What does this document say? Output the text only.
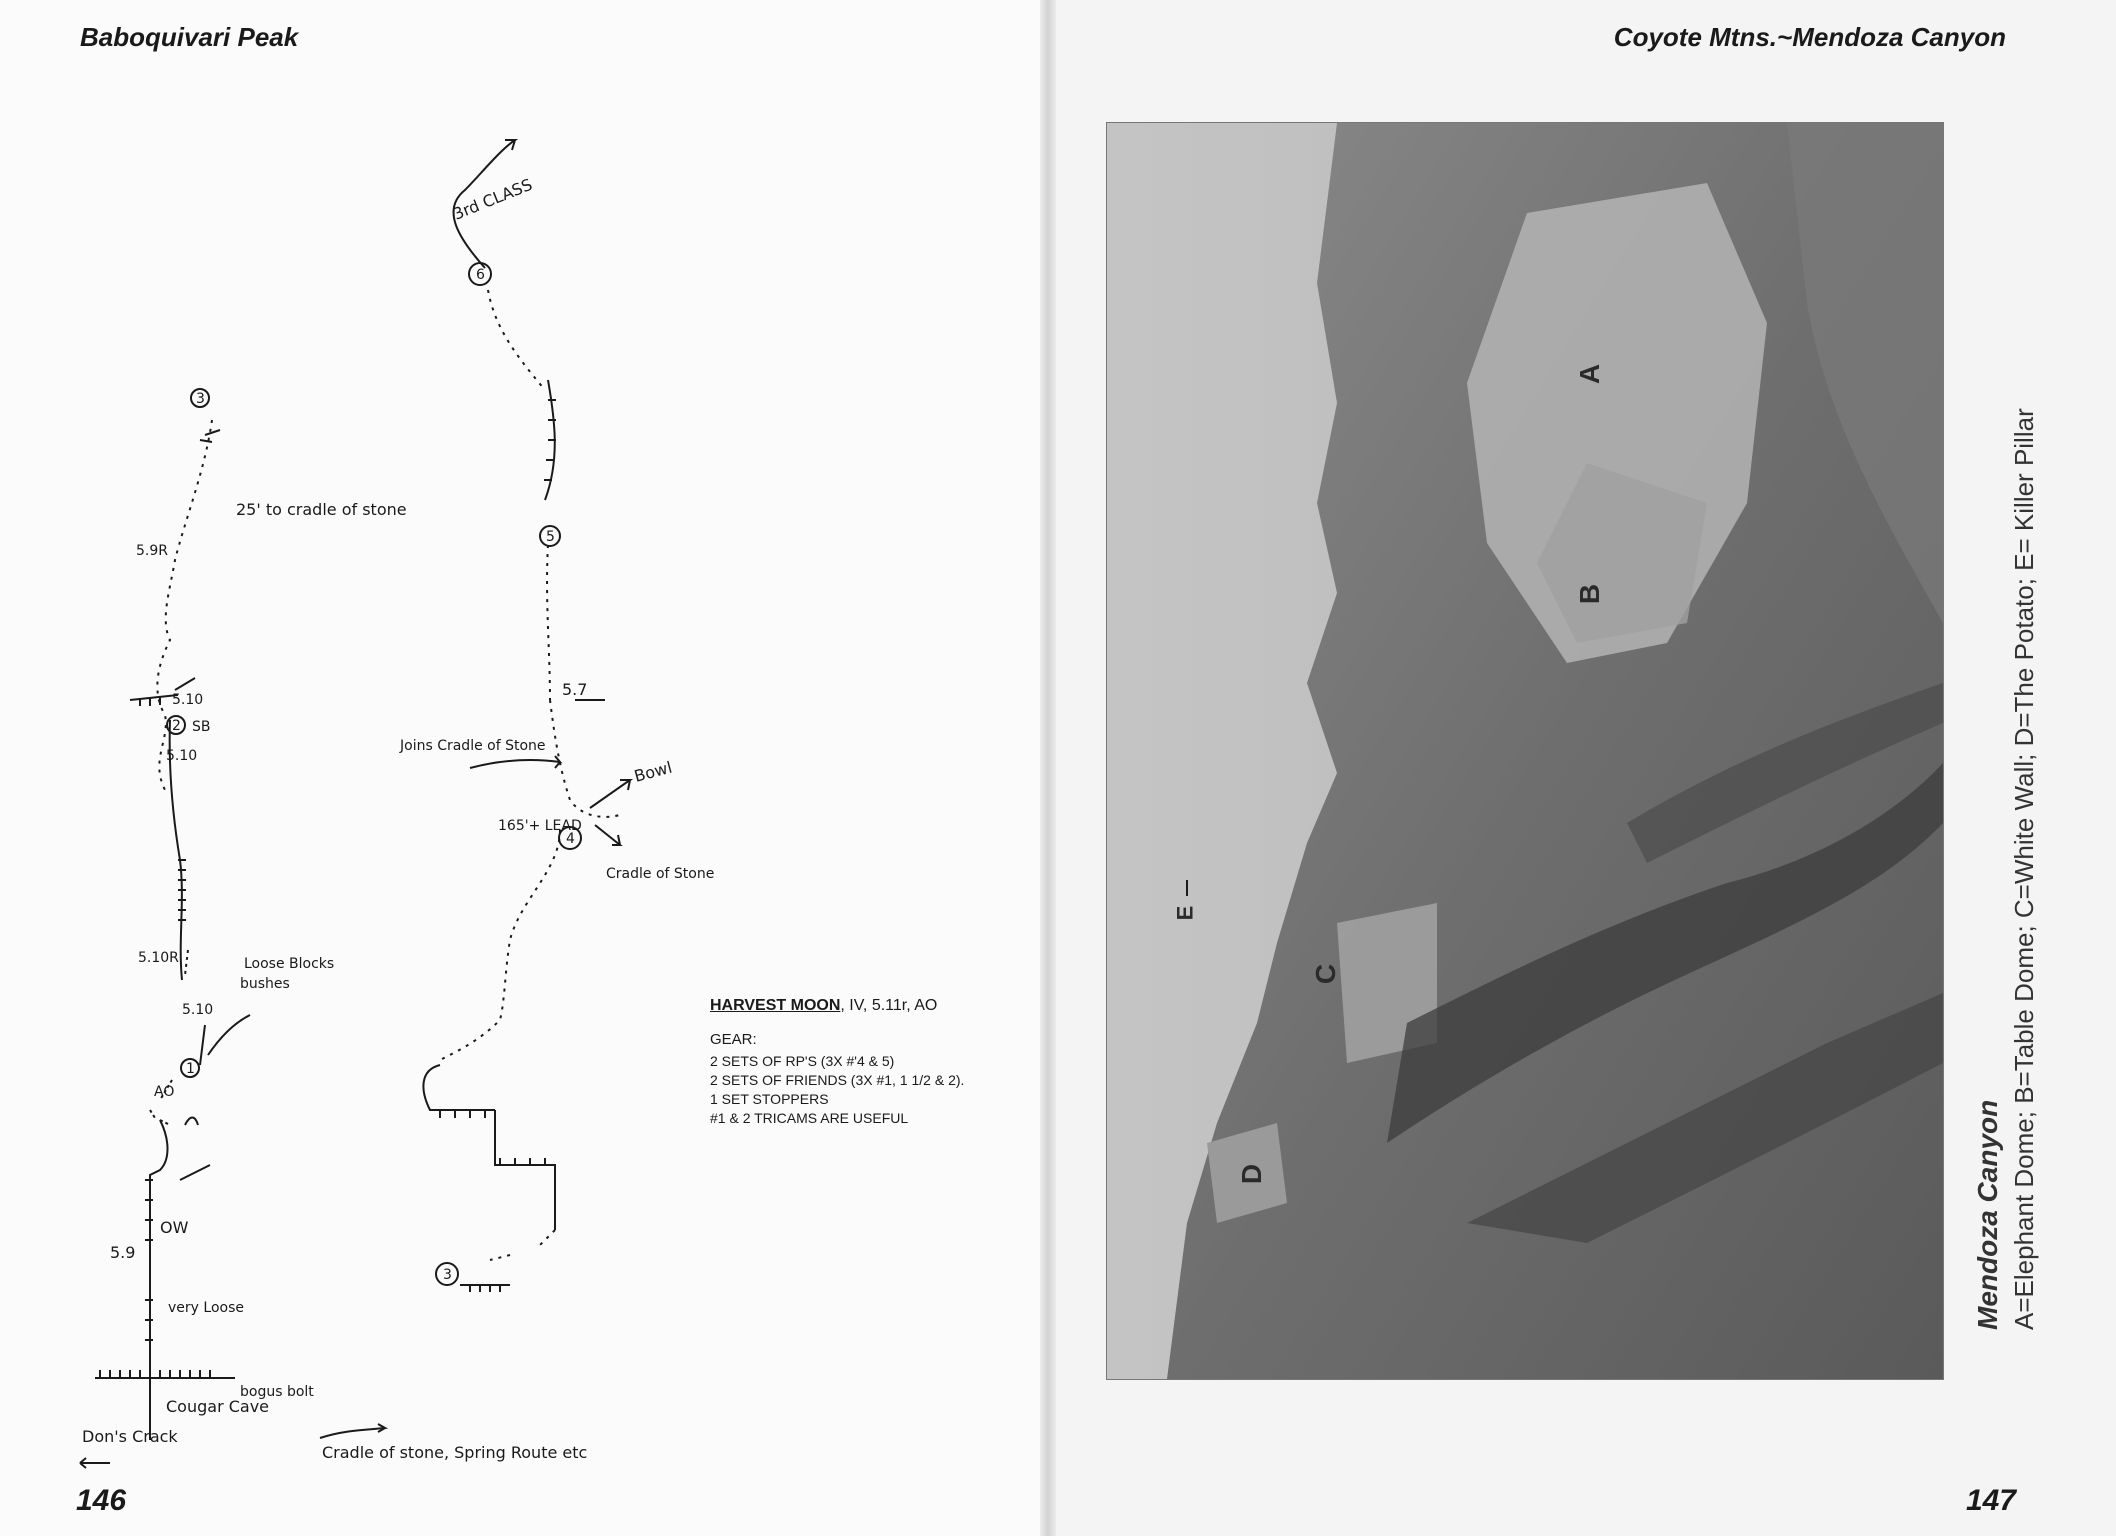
Baboquivari Peak
3
25' to cradle of stone
5.9R
5.10
2 SB
5.10
5.10R	Loose Blocks
bushes
5.10
1
AO
OW
5.9
very Loose
bogus bolt
Cougar Cave
Don's Crack
3rd CLASS
6
5
5.7
Joins Cradle of Stone
Bowl
165'+ LEAD
4
Cradle of Stone
3
Cradle of stone, Spring Route etc
HARVEST MOON, IV, 5.11r, AO
GEAR:
2 SETS OF RP'S (3X #'4 & 5)
2 SETS OF FRIENDS (3X #1, 1 1/2 & 2).
1 SET STOPPERS
#1 & 2 TRICAMS ARE USEFUL
146
Coyote Mtns.~Mendoza Canyon
147
A
B
C
D
E
Mendoza Canyon A=Elephant Dome; B=Table Dome; C=White Wall; D=The Potato; E= Killer Pillar
